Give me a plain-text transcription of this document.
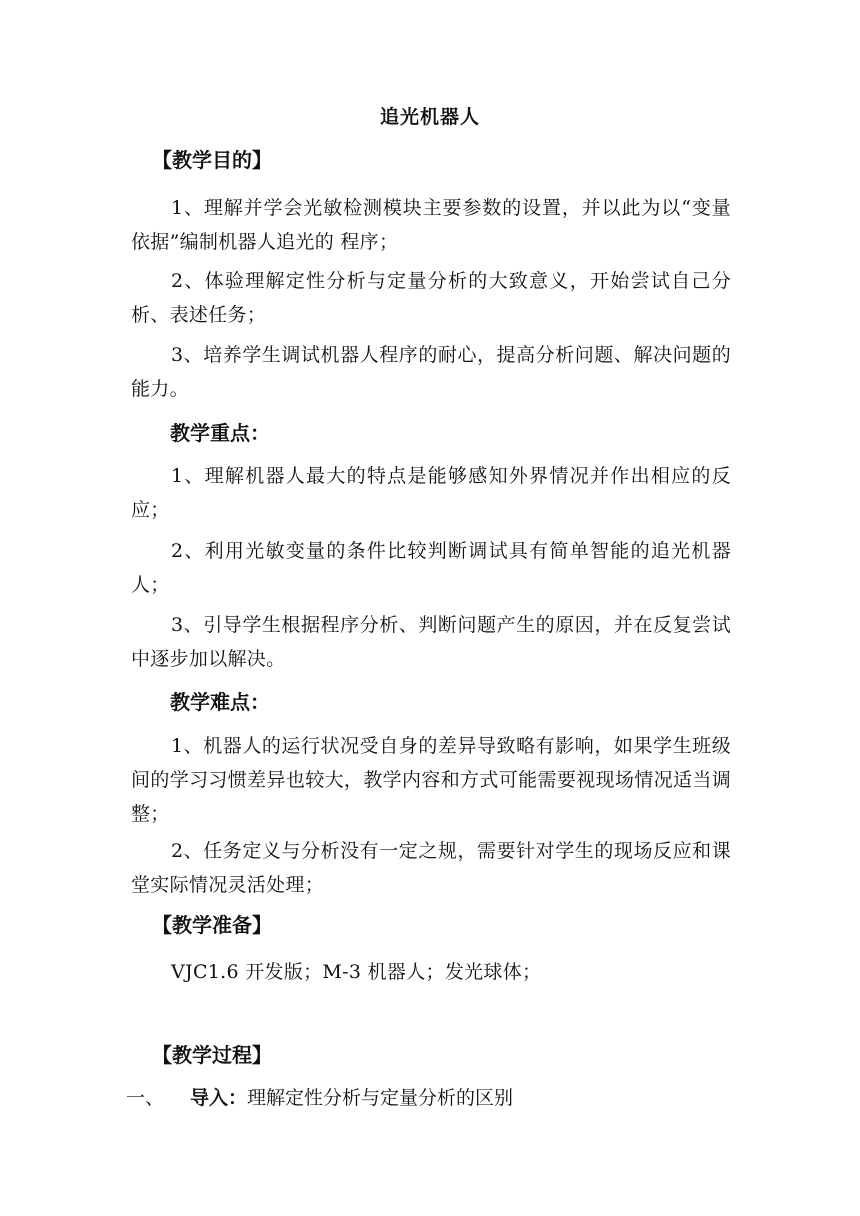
追光机器人
【教学目的】
1、理解并学会光敏检测模块主要参数的设置，并以此为以“变量依据”编制机器人追光的 程序；
2、体验理解定性分析与定量分析的大致意义，开始尝试自己分析、表述任务；
3、培养学生调试机器人程序的耐心，提高分析问题、解决问题的能力。
教学重点：
1、理解机器人最大的特点是能够感知外界情况并作出相应的反应；
2、利用光敏变量的条件比较判断调试具有简单智能的追光机器人；
3、引导学生根据程序分析、判断问题产生的原因，并在反复尝试中逐步加以解决。
教学难点：
1、机器人的运行状况受自身的差异导致略有影响，如果学生班级间的学习习惯差异也较大，教学内容和方式可能需要视现场情况适当调整；
2、任务定义与分析没有一定之规，需要针对学生的现场反应和课堂实际情况灵活处理；
【教学准备】
VJC1.6 开发版；M-3 机器人；发光球体；
【教学过程】
一、 导入：理解定性分析与定量分析的区别
